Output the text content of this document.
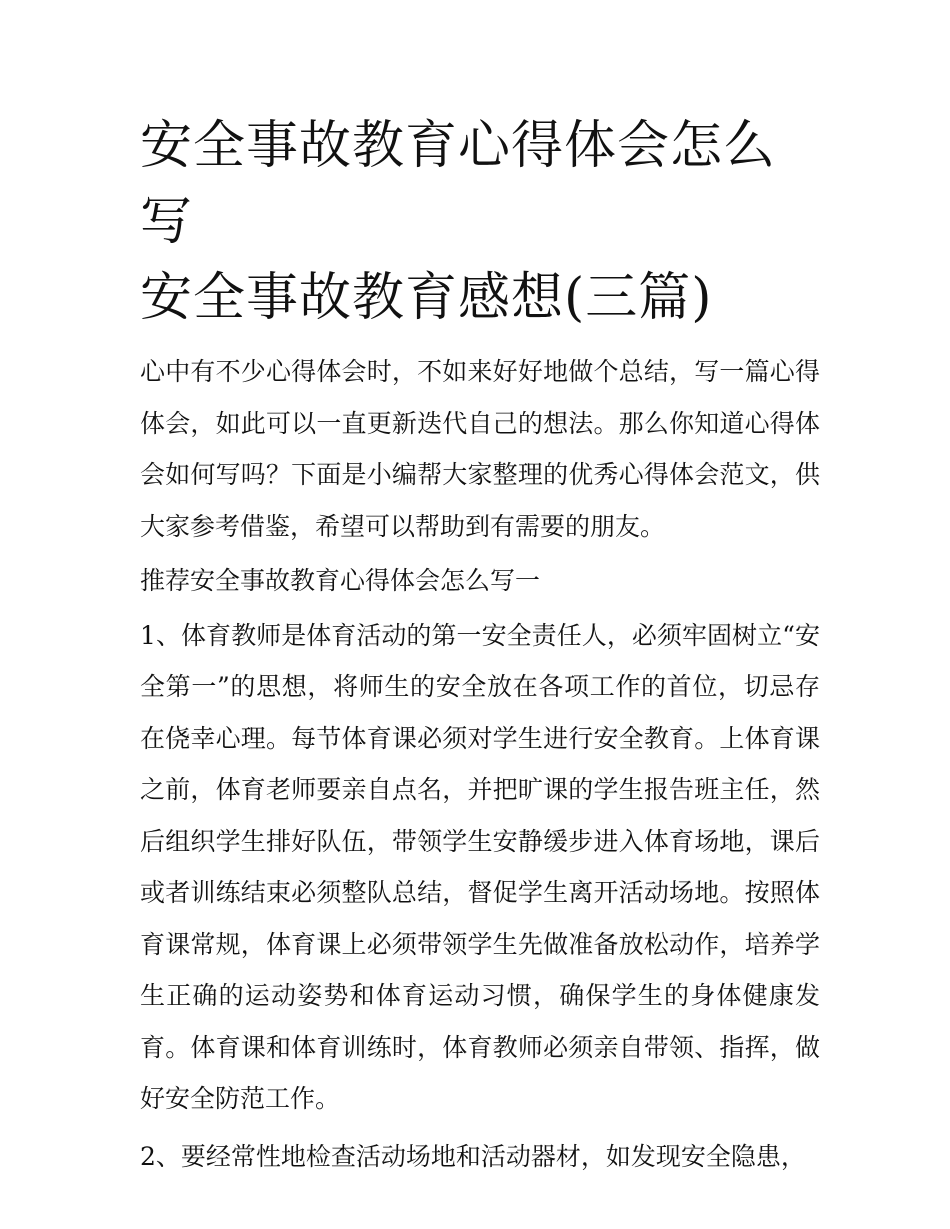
安全事故教育心得体会怎么写
安全事故教育感想(三篇)

心中有不少心得体会时，不如来好好地做个总结，写一篇心得体会，如此可以一直更新迭代自己的想法。那么你知道心得体会如何写吗？下面是小编帮大家整理的优秀心得体会范文，供大家参考借鉴，希望可以帮助到有需要的朋友。

推荐安全事故教育心得体会怎么写一

1、体育教师是体育活动的第一安全责任人，必须牢固树立“安全第一”的思想，将师生的安全放在各项工作的首位，切忌存在侥幸心理。每节体育课必须对学生进行安全教育。上体育课之前，体育老师要亲自点名，并把旷课的学生报告班主任，然后组织学生排好队伍，带领学生安静缓步进入体育场地，课后或者训练结束必须整队总结，督促学生离开活动场地。按照体育课常规，体育课上必须带领学生先做准备放松动作，培养学生正确的运动姿势和体育运动习惯，确保学生的身体健康发育。体育课和体育训练时，体育教师必须亲自带领、指挥，做好安全防范工作。

2、要经常性地检查活动场地和活动器材，如发现安全隐患，
